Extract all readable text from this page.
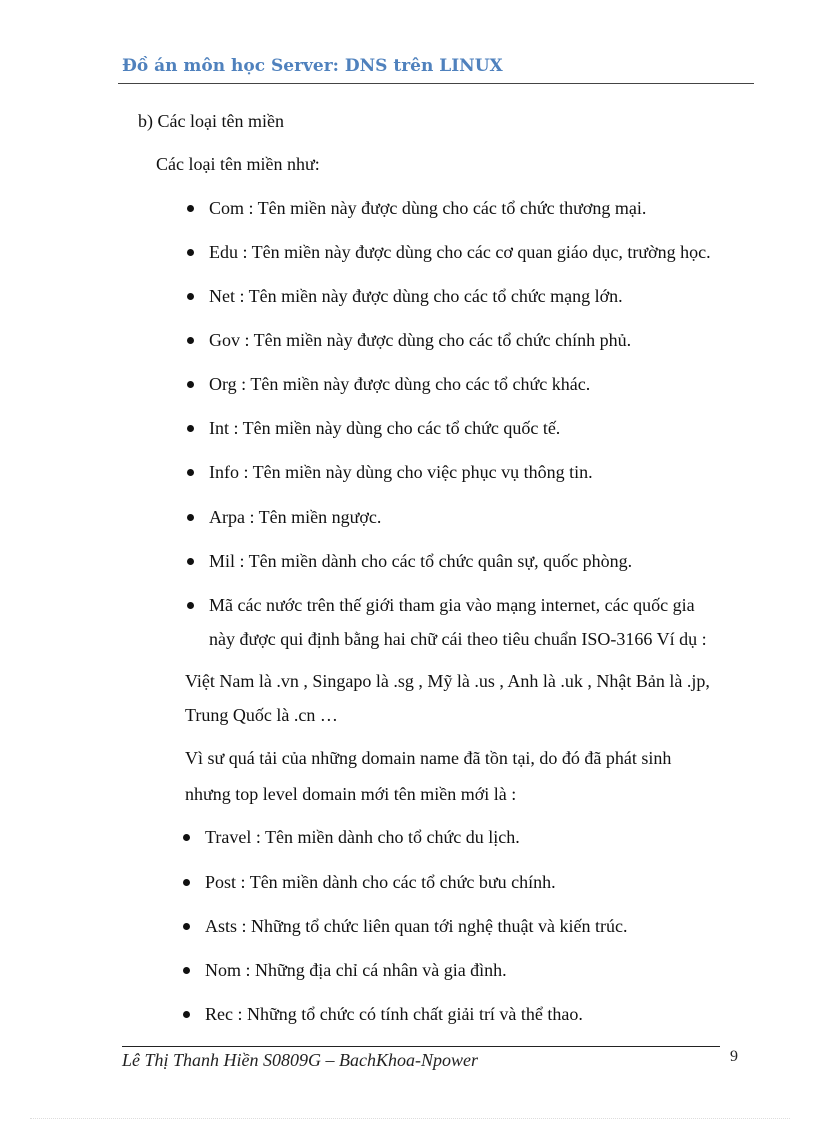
Đồ án môn học Server: DNS trên LINUX
b) Các loại tên miền
Các loại tên miền như:
Com : Tên miền này được dùng cho các tổ chức thương mại.
Edu : Tên miền này được dùng cho các cơ quan giáo dục, trường học.
Net : Tên miền này được dùng cho các tổ chức mạng lớn.
Gov : Tên miền này được dùng cho các tổ chức chính phủ.
Org : Tên miền này được dùng cho các tổ chức khác.
Int : Tên miền này dùng cho các tổ chức quốc tế.
Info : Tên miền này dùng cho việc phục vụ thông tin.
Arpa : Tên miền ngược.
Mil : Tên miền dành cho các tổ chức quân sự, quốc phòng.
Mã các nước trên thế giới tham gia vào mạng internet, các quốc gia
này được qui định bằng hai chữ cái theo tiêu chuẩn ISO-3166 Ví dụ :
Việt Nam là .vn , Singapo là .sg , Mỹ là .us , Anh là .uk , Nhật Bản là .jp,
Trung Quốc là .cn …
Vì sư quá tải của những domain name đã tồn tại, do đó đã phát sinh
nhưng top level domain mới tên miền mới là :
Travel : Tên miền dành cho tổ chức du lịch.
Post : Tên miền dành cho các tổ chức bưu chính.
Asts : Những tổ chức liên quan tới nghệ thuật và kiến trúc.
Nom : Những địa chỉ cá nhân và gia đình.
Rec : Những tổ chức có tính chất giải trí và thể thao.
Lê Thị Thanh Hiền S0809G – BachKhoa-Npower	9
